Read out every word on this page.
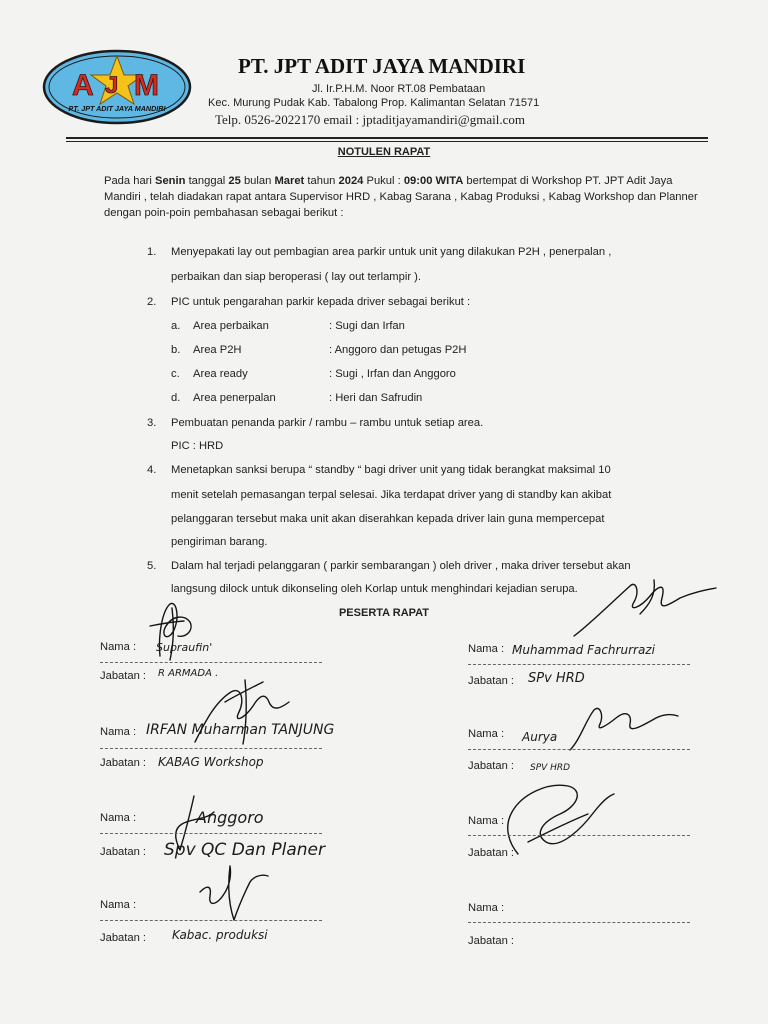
A J M
PT. JPT ADIT JAYA MANDIRI
PT. JPT ADIT JAYA MANDIRI
Jl. Ir.P.H.M. Noor RT.08 Pembataan
Kec. Murung Pudak Kab. Tabalong Prop. Kalimantan Selatan 71571
Telp. 0526-2022170 email : jptaditjayamandiri@gmail.com
NOTULEN RAPAT
Pada hari Senin tanggal 25 bulan Maret tahun 2024 Pukul : 09:00 WITA bertempat di Workshop PT. JPT Adit Jaya Mandiri , telah diadakan rapat antara Supervisor HRD , Kabag Sarana , Kabag Produksi , Kabag Workshop dan Planner dengan poin-poin pembahasan sebagai berikut :
1. Menyepakati lay out pembagian area parkir untuk unit yang dilakukan P2H , penerpalan ,
perbaikan dan siap beroperasi ( lay out terlampir ).
2. PIC untuk pengarahan parkir kepada driver sebagai berikut :
a. Area perbaikan	: Sugi dan Irfan
b. Area P2H	: Anggoro dan petugas P2H
c. Area ready	: Sugi , Irfan dan Anggoro
d. Area penerpalan	: Heri dan Safrudin
3. Pembuatan penanda parkir / rambu – rambu untuk setiap area.
PIC : HRD
4. Menetapkan sanksi berupa “ standby “ bagi driver unit yang tidak berangkat maksimal 10
menit setelah pemasangan terpal selesai. Jika terdapat driver yang di standby kan akibat
pelanggaran tersebut maka unit akan diserahkan kepada driver lain guna mempercepat
pengiriman barang.
5. Dalam hal terjadi pelanggaran ( parkir sembarangan ) oleh driver , maka driver tersebut akan
langsung dilock untuk dikonseling oleh Korlap untuk menghindari kejadian serupa.
PESERTA RAPAT
Nama : Supraufin'
Jabatan : R ARMADA .
Nama : IRFAN Muharman TANJUNG
Jabatan : KABAG Workshop
Nama :	Anggoro
Jabatan : Spv QC Dan Planer
Nama :
Jabatan : Kabac. produksi
Nama : Muhammad Fachrurrazi
Jabatan : SPv HRD
Nama : Aurya
Jabatan : SPV HRD
Nama :
Jabatan :
Nama :
Jabatan :
